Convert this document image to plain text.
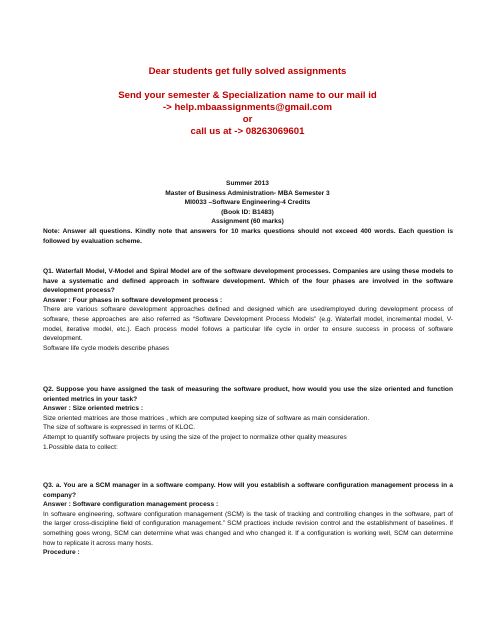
Dear students get fully solved assignments
Send your semester & Specialization name to our mail id
-> help.mbaassignments@gmail.com
or
call us at -> 08263069601
Summer 2013
Master of Business Administration- MBA Semester 3
MI0033 –Software Engineering-4 Credits
(Book ID: B1483)
Assignment (60 marks)
Note: Answer all questions. Kindly note that answers for 10 marks questions should not exceed 400 words. Each question is followed by evaluation scheme.
Q1. Waterfall Model, V-Model and Spiral Model are of the software development processes. Companies are using these models to have a systematic and defined approach in software development. Which of the four phases are involved in the software development process?
Answer : Four phases in software development process :
There are various software development approaches defined and designed which are used/employed during development process of software, these approaches are also referred as “Software Development Process Models” (e.g. Waterfall model, incremental model, V-model, iterative model, etc.). Each process model follows a particular life cycle in order to ensure success in process of software development.
Software life cycle models describe phases
Q2. Suppose you have assigned the task of measuring the software product, how would you use the size oriented and function oriented metrics in your task?
Answer : Size oriented metrics :
Size oriented matrices are those matrices , which are computed keeping size of software as main consideration.
The size of software is expressed in terms of KLOC.
Attempt to quantify software projects by using the size of the project to normalize other quality measures
1.Possible data to collect:
Q3. a. You are a SCM manager in a software company. How will you establish a software configuration management process in a company?
Answer : Software configuration management process :
In software engineering, software configuration management (SCM) is the task of tracking and controlling changes in the software, part of the larger cross-discipline field of configuration management.” SCM practices include revision control and the establishment of baselines. If something goes wrong, SCM can determine what was changed and who changed it. If a configuration is working well, SCM can determine how to replicate it across many hosts.
Procedure :
